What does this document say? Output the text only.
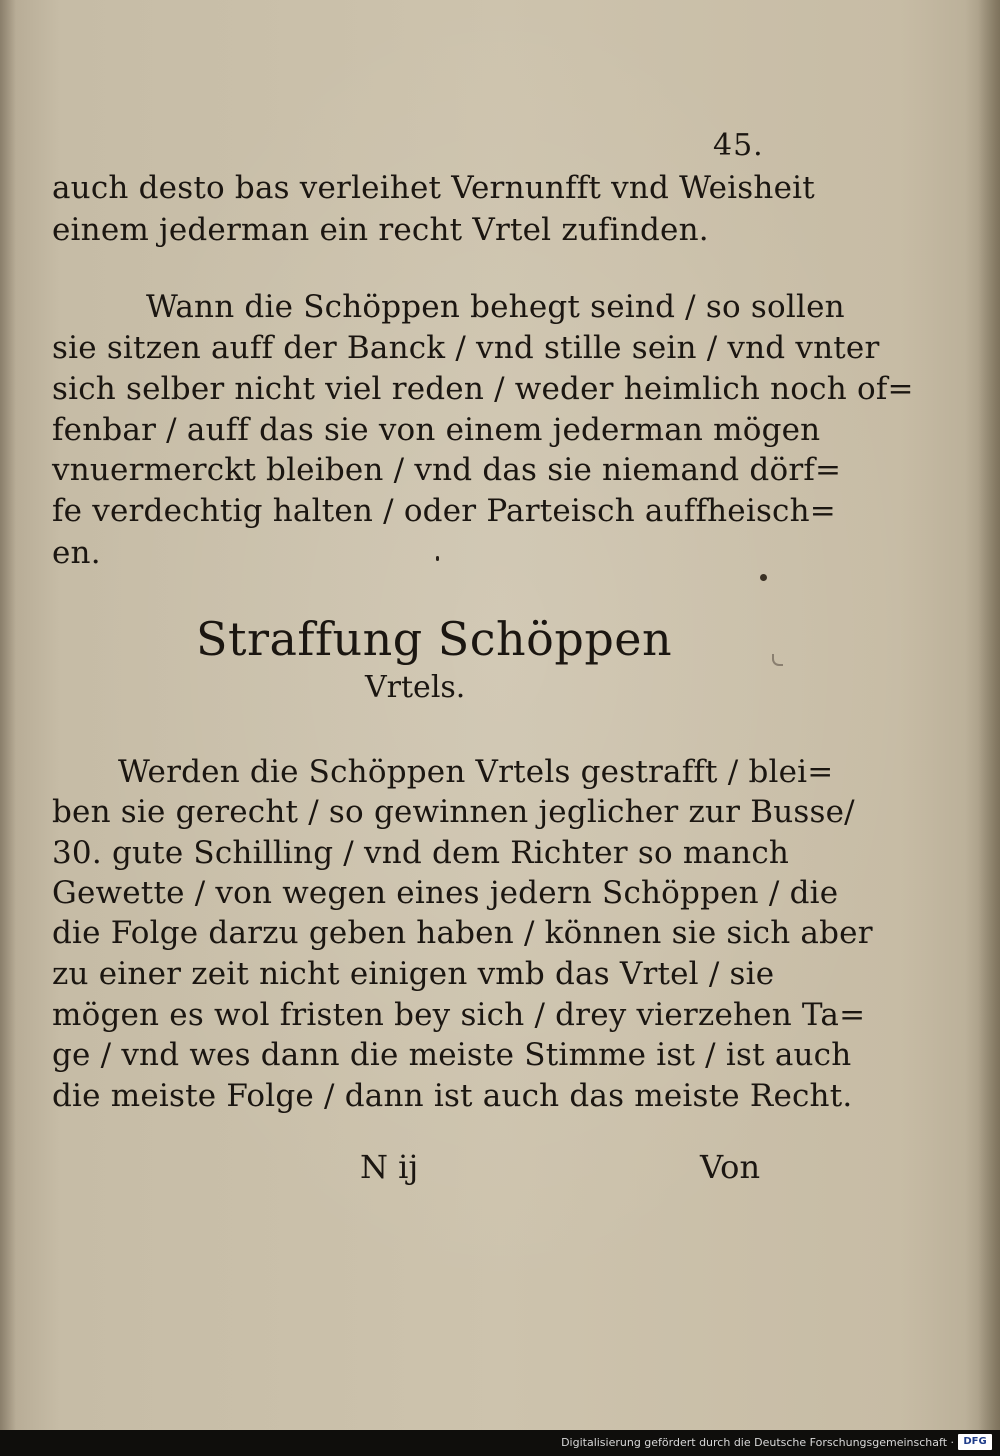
45.
auch desto bas verleihet Vernunfft vnd Weisheit
einem jederman ein recht Vrtel zufinden.
Wann die Schöppen behegt seind / so sollen
sie sitzen auff der Banck / vnd stille sein / vnd vnter
sich selber nicht viel reden / weder heimlich noch of=
fenbar / auff das sie von einem jederman mögen
vnuermerckt bleiben / vnd das sie niemand dörf=
fe verdechtig halten / oder Parteisch auffheisch=
en.
Straffung Schöppen
Vrtels.
Werden die Schöppen Vrtels gestrafft / blei=
ben sie gerecht / so gewinnen jeglicher zur Busse/
30. gute Schilling / vnd dem Richter so manch
Gewette / von wegen eines jedern Schöppen / die
die Folge darzu geben haben / können sie sich aber
zu einer zeit nicht einigen vmb das Vrtel / sie
mögen es wol fristen bey sich / drey vierzehen Ta=
ge / vnd wes dann die meiste Stimme ist / ist auch
die meiste Folge / dann ist auch das meiste Recht.
N ij	Von
Digitalisierung gefördert durch die Deutsche Forschungsgemeinschaft · DFG
